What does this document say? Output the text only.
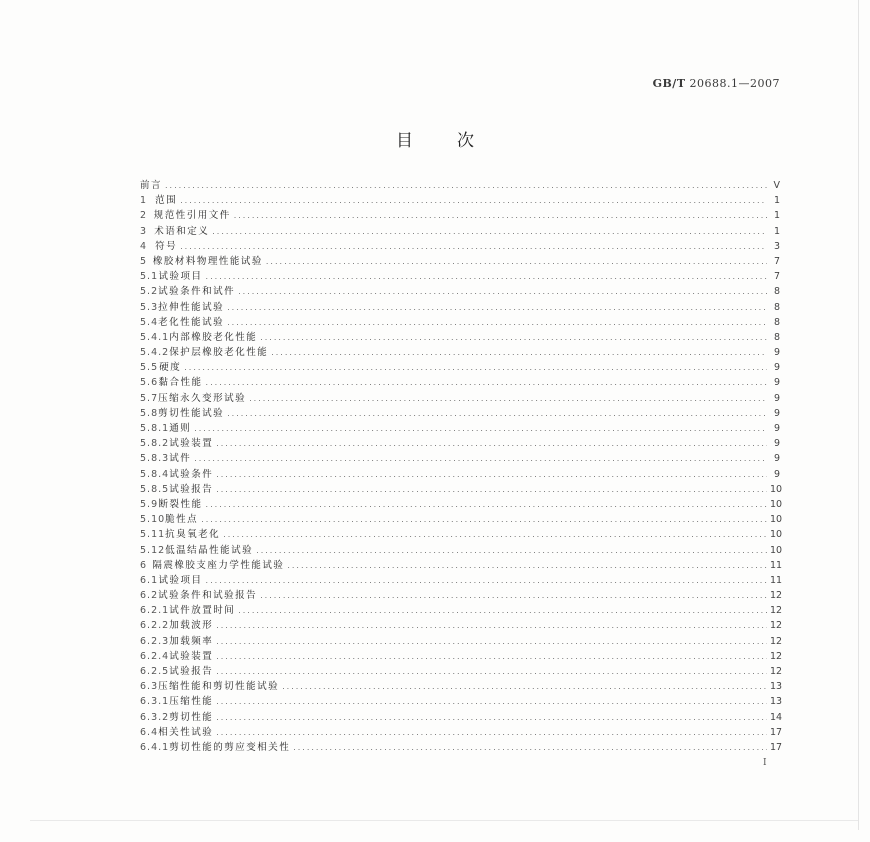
GB/T 20688.1—2007
目次
前言 .....	V
1 范围 .....	1
2 规范性引用文件 .....	1
3 术语和定义 .....	1
4 符号 .....	3
5 橡胶材料物理性能试验 .....	7
5.1 试验项目 .....	7
5.2 试验条件和试件 .....	8
5.3 拉伸性能试验 .....	8
5.4 老化性能试验 .....	8
5.4.1 内部橡胶老化性能 .....	8
5.4.2 保护层橡胶老化性能 .....	9
5.5 硬度 .....	9
5.6 黏合性能 .....	9
5.7 压缩永久变形试验 .....	9
5.8 剪切性能试验 .....	9
5.8.1 通则 .....	9
5.8.2 试验装置 .....	9
5.8.3 试件 .....	9
5.8.4 试验条件 .....	9
5.8.5 试验报告 .....	10
5.9 断裂性能 .....	10
5.10 脆性点 .....	10
5.11 抗臭氧老化 .....	10
5.12 低温结晶性能试验 .....	10
6 隔震橡胶支座力学性能试验 .....	11
6.1 试验项目 .....	11
6.2 试验条件和试验报告 .....	12
6.2.1 试件放置时间 .....	12
6.2.2 加载波形 .....	12
6.2.3 加载频率 .....	12
6.2.4 试验装置 .....	12
6.2.5 试验报告 .....	12
6.3 压缩性能和剪切性能试验 .....	13
6.3.1 压缩性能 .....	13
6.3.2 剪切性能 .....	14
6.4 相关性试验 .....	17
6.4.1 剪切性能的剪应变相关性 .....	17
I
